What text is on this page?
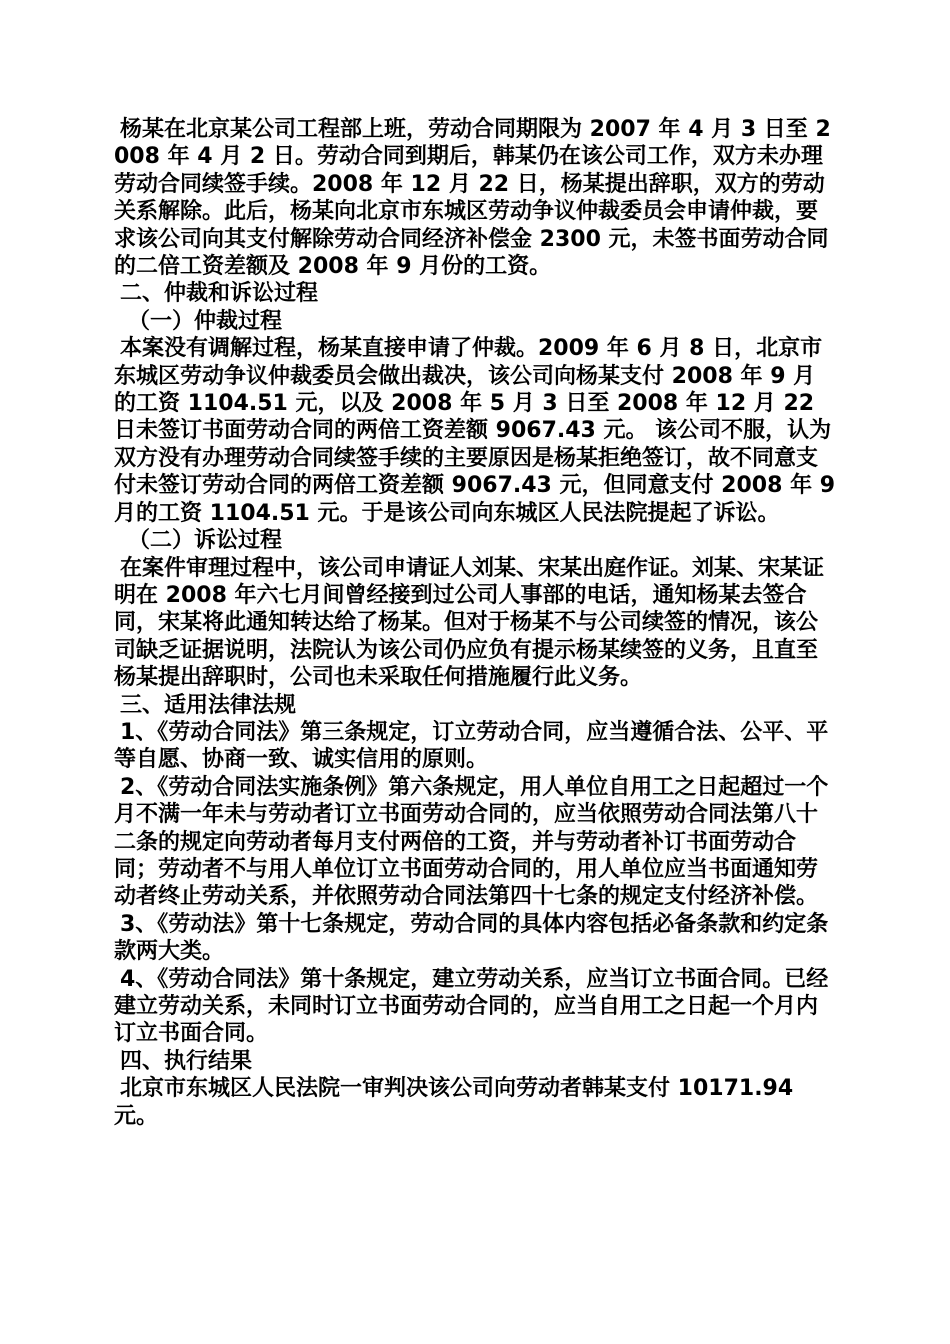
杨某在北京某公司工程部上班，劳动合同期限为 2007 年 4 月 3 日至 2008 年 4 月 2 日。劳动合同到期后，韩某仍在该公司工作，双方未办理劳动合同续签手续。2008 年 12 月 22 日，杨某提出辞职，双方的劳动关系解除。此后，杨某向北京市东城区劳动争议仲裁委员会申请仲裁，要求该公司向其支付解除劳动合同经济补偿金 2300 元，未签书面劳动合同的二倍工资差额及 2008 年 9 月份的工资。

二、仲裁和诉讼过程

（一）仲裁过程

本案没有调解过程，杨某直接申请了仲裁。2009 年 6 月 8 日，北京市东城区劳动争议仲裁委员会做出裁决，该公司向杨某支付 2008 年 9 月的工资 1104.51 元，以及 2008 年 5 月 3 日至 2008 年 12 月 22 日未签订书面劳动合同的两倍工资差额 9067.43 元。 该公司不服，认为双方没有办理劳动合同续签手续的主要原因是杨某拒绝签订，故不同意支付未签订劳动合同的两倍工资差额 9067.43 元，但同意支付 2008 年 9 月的工资 1104.51 元。于是该公司向东城区人民法院提起了诉讼。

（二）诉讼过程

在案件审理过程中，该公司申请证人刘某、宋某出庭作证。刘某、宋某证明在 2008 年六七月间曾经接到过公司人事部的电话，通知杨某去签合同，宋某将此通知转达给了杨某。但对于杨某不与公司续签的情况，该公司缺乏证据说明，法院认为该公司仍应负有提示杨某续签的义务，且直至杨某提出辞职时，公司也未采取任何措施履行此义务。

三、适用法律法规

1、《劳动合同法》第三条规定，订立劳动合同，应当遵循合法、公平、平等自愿、协商一致、诚实信用的原则。

2、《劳动合同法实施条例》第六条规定，用人单位自用工之日起超过一个月不满一年未与劳动者订立书面劳动合同的，应当依照劳动合同法第八十二条的规定向劳动者每月支付两倍的工资，并与劳动者补订书面劳动合同；劳动者不与用人单位订立书面劳动合同的，用人单位应当书面通知劳动者终止劳动关系，并依照劳动合同法第四十七条的规定支付经济补偿。

3、《劳动法》第十七条规定，劳动合同的具体内容包括必备条款和约定条款两大类。

4、《劳动合同法》第十条规定，建立劳动关系，应当订立书面合同。已经建立劳动关系，未同时订立书面劳动合同的，应当自用工之日起一个月内订立书面合同。

四、执行结果

北京市东城区人民法院一审判决该公司向劳动者韩某支付 10171.94 元。
